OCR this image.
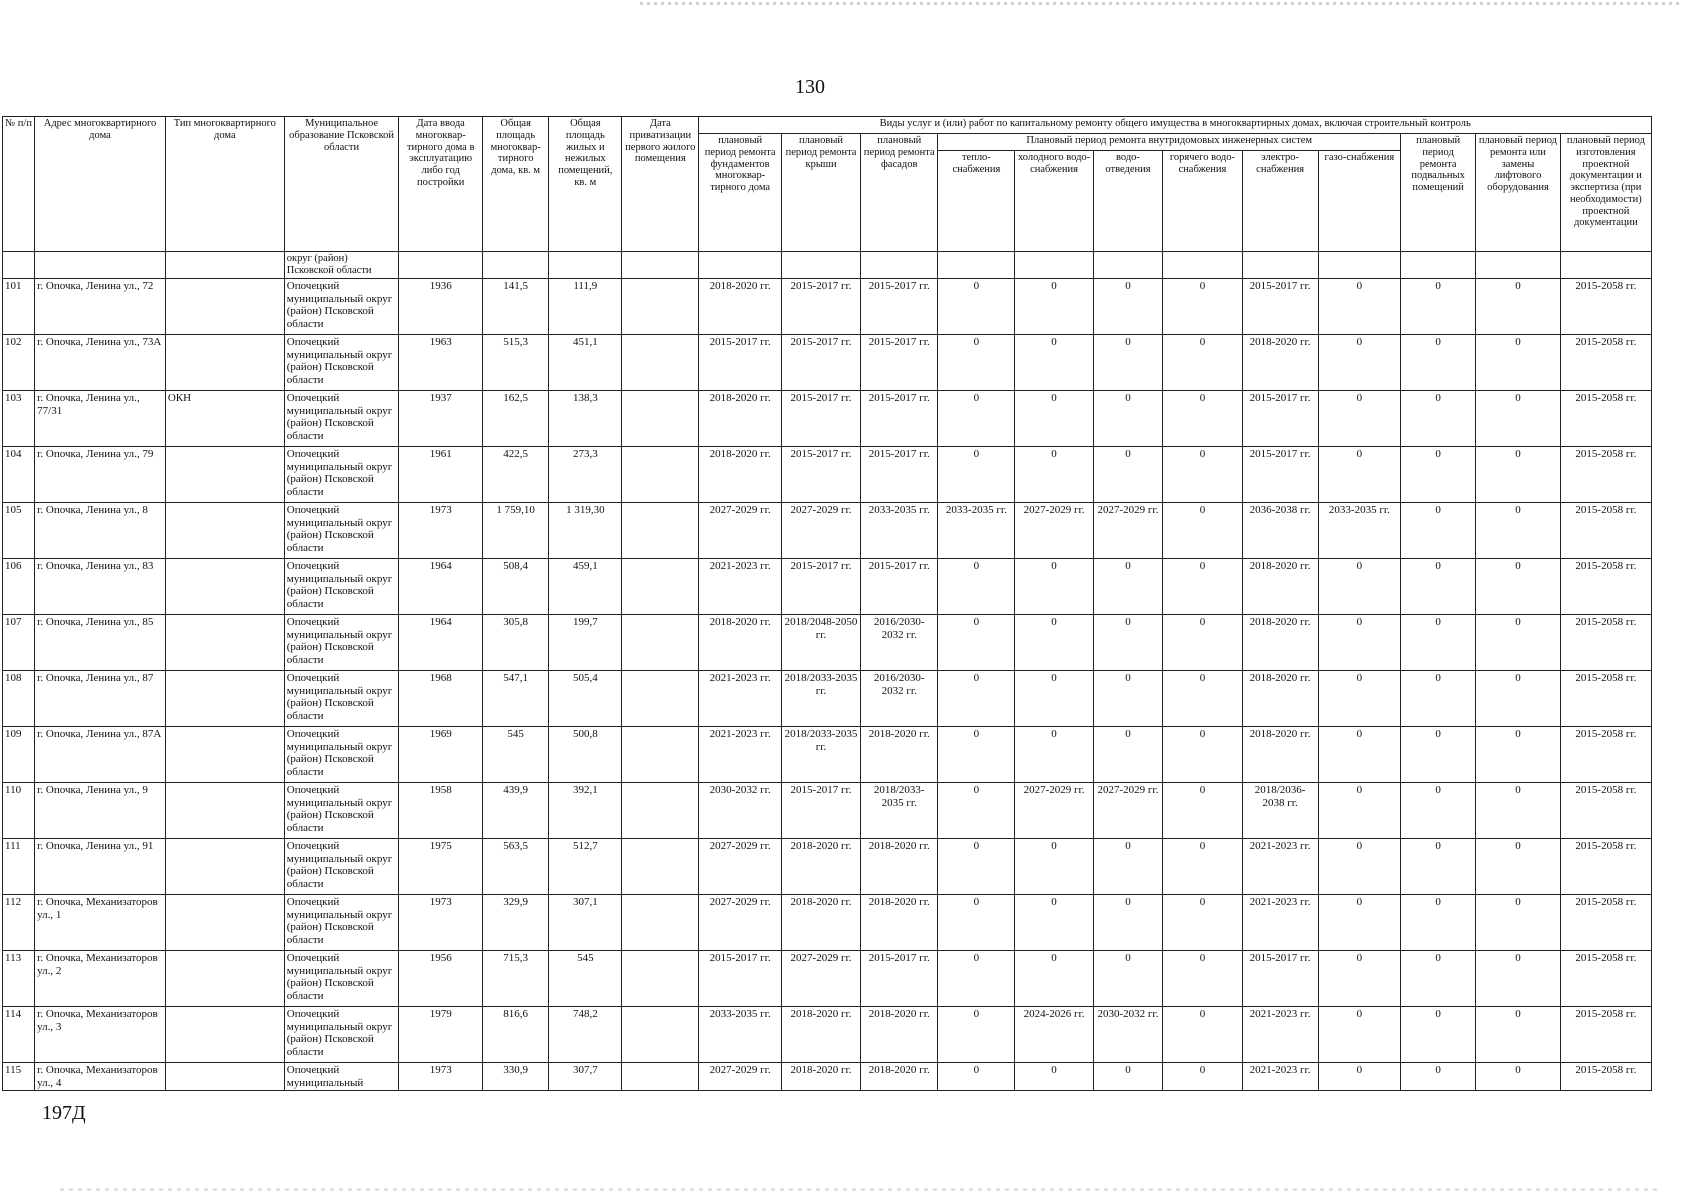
130
№ п/п	Адрес многоквартирного дома	Тип многоквартирного дома	Муниципальное образование Псковской области	Дата ввода многоквар-тирного дома в эксплуатацию либо год постройки	Общая площадь многоквар-тирного дома, кв. м	Общая площадь жилых и нежилых помещений, кв. м	Дата приватизации первого жилого помещения	Виды услуг и (или) работ по капитальному ремонту общего имущества в многоквартирных домах, включая строительный контроль											
								плановый период ремонта фундаментов многоквар-тирного дома	плановый период ремонта крыши	плановый период ремонта фасадов	Плановый период ремонта внутридомовых инженерных систем						плановый период ремонта подвальных помещений	плановый период ремонта или замены лифтового оборудования	плановый период изготовления проектной документации и экспертиза (при необходимости) проектной документации
											тепло-снабжения	холодного водо-снабжения	водо-отведения	горячего водо-снабжения	электро-снабжения	газо-снабжения			
			округ (район) Псковской области																
101	г. Опочка, Ленина ул., 72		Опочецкий муниципальный округ (район) Псковской области	1936	141,5	111,9		2018-2020 гг.	2015-2017 гг.	2015-2017 гг.	0	0	0	0	2015-2017 гг.	0	0	0	2015-2058 гг.
102	г. Опочка, Ленина ул., 73А		Опочецкий муниципальный округ (район) Псковской области	1963	515,3	451,1		2015-2017 гг.	2015-2017 гг.	2015-2017 гг.	0	0	0	0	2018-2020 гг.	0	0	0	2015-2058 гг.
103	г. Опочка, Ленина ул., 77/31	ОКН	Опочецкий муниципальный округ (район) Псковской области	1937	162,5	138,3		2018-2020 гг.	2015-2017 гг.	2015-2017 гг.	0	0	0	0	2015-2017 гг.	0	0	0	2015-2058 гг.
104	г. Опочка, Ленина ул., 79		Опочецкий муниципальный округ (район) Псковской области	1961	422,5	273,3		2018-2020 гг.	2015-2017 гг.	2015-2017 гг.	0	0	0	0	2015-2017 гг.	0	0	0	2015-2058 гг.
105	г. Опочка, Ленина ул., 8		Опочецкий муниципальный округ (район) Псковской области	1973	1 759,10	1 319,30		2027-2029 гг.	2027-2029 гг.	2033-2035 гг.	2033-2035 гг.	2027-2029 гг.	2027-2029 гг.	0	2036-2038 гг.	2033-2035 гг.	0	0	2015-2058 гг.
106	г. Опочка, Ленина ул., 83		Опочецкий муниципальный округ (район) Псковской области	1964	508,4	459,1		2021-2023 гг.	2015-2017 гг.	2015-2017 гг.	0	0	0	0	2018-2020 гг.	0	0	0	2015-2058 гг.
107	г. Опочка, Ленина ул., 85		Опочецкий муниципальный округ (район) Псковской области	1964	305,8	199,7		2018-2020 гг.	2018/2048-2050 гг.	2016/2030-2032 гг.	0	0	0	0	2018-2020 гг.	0	0	0	2015-2058 гг.
108	г. Опочка, Ленина ул., 87		Опочецкий муниципальный округ (район) Псковской области	1968	547,1	505,4		2021-2023 гг.	2018/2033-2035 гг.	2016/2030-2032 гг.	0	0	0	0	2018-2020 гг.	0	0	0	2015-2058 гг.
109	г. Опочка, Ленина ул., 87А		Опочецкий муниципальный округ (район) Псковской области	1969	545	500,8		2021-2023 гг.	2018/2033-2035 гг.	2018-2020 гг.	0	0	0	0	2018-2020 гг.	0	0	0	2015-2058 гг.
110	г. Опочка, Ленина ул., 9		Опочецкий муниципальный округ (район) Псковской области	1958	439,9	392,1		2030-2032 гг.	2015-2017 гг.	2018/2033-2035 гг.	0	2027-2029 гг.	2027-2029 гг.	0	2018/2036-2038 гг.	0	0	0	2015-2058 гг.
111	г. Опочка, Ленина ул., 91		Опочецкий муниципальный округ (район) Псковской области	1975	563,5	512,7		2027-2029 гг.	2018-2020 гг.	2018-2020 гг.	0	0	0	0	2021-2023 гг.	0	0	0	2015-2058 гг.
112	г. Опочка, Механизаторов ул., 1		Опочецкий муниципальный округ (район) Псковской области	1973	329,9	307,1		2027-2029 гг.	2018-2020 гг.	2018-2020 гг.	0	0	0	0	2021-2023 гг.	0	0	0	2015-2058 гг.
113	г. Опочка, Механизаторов ул., 2		Опочецкий муниципальный округ (район) Псковской области	1956	715,3	545		2015-2017 гг.	2027-2029 гг.	2015-2017 гг.	0	0	0	0	2015-2017 гг.	0	0	0	2015-2058 гг.
114	г. Опочка, Механизаторов ул., 3		Опочецкий муниципальный округ (район) Псковской области	1979	816,6	748,2		2033-2035 гг.	2018-2020 гг.	2018-2020 гг.	0	2024-2026 гг.	2030-2032 гг.	0	2021-2023 гг.	0	0	0	2015-2058 гг.
115	г. Опочка, Механизаторов ул., 4		Опочецкий муниципальный	1973	330,9	307,7		2027-2029 гг.	2018-2020 гг.	2018-2020 гг.	0	0	0	0	2021-2023 гг.	0	0	0	2015-2058 гг.
197Д
